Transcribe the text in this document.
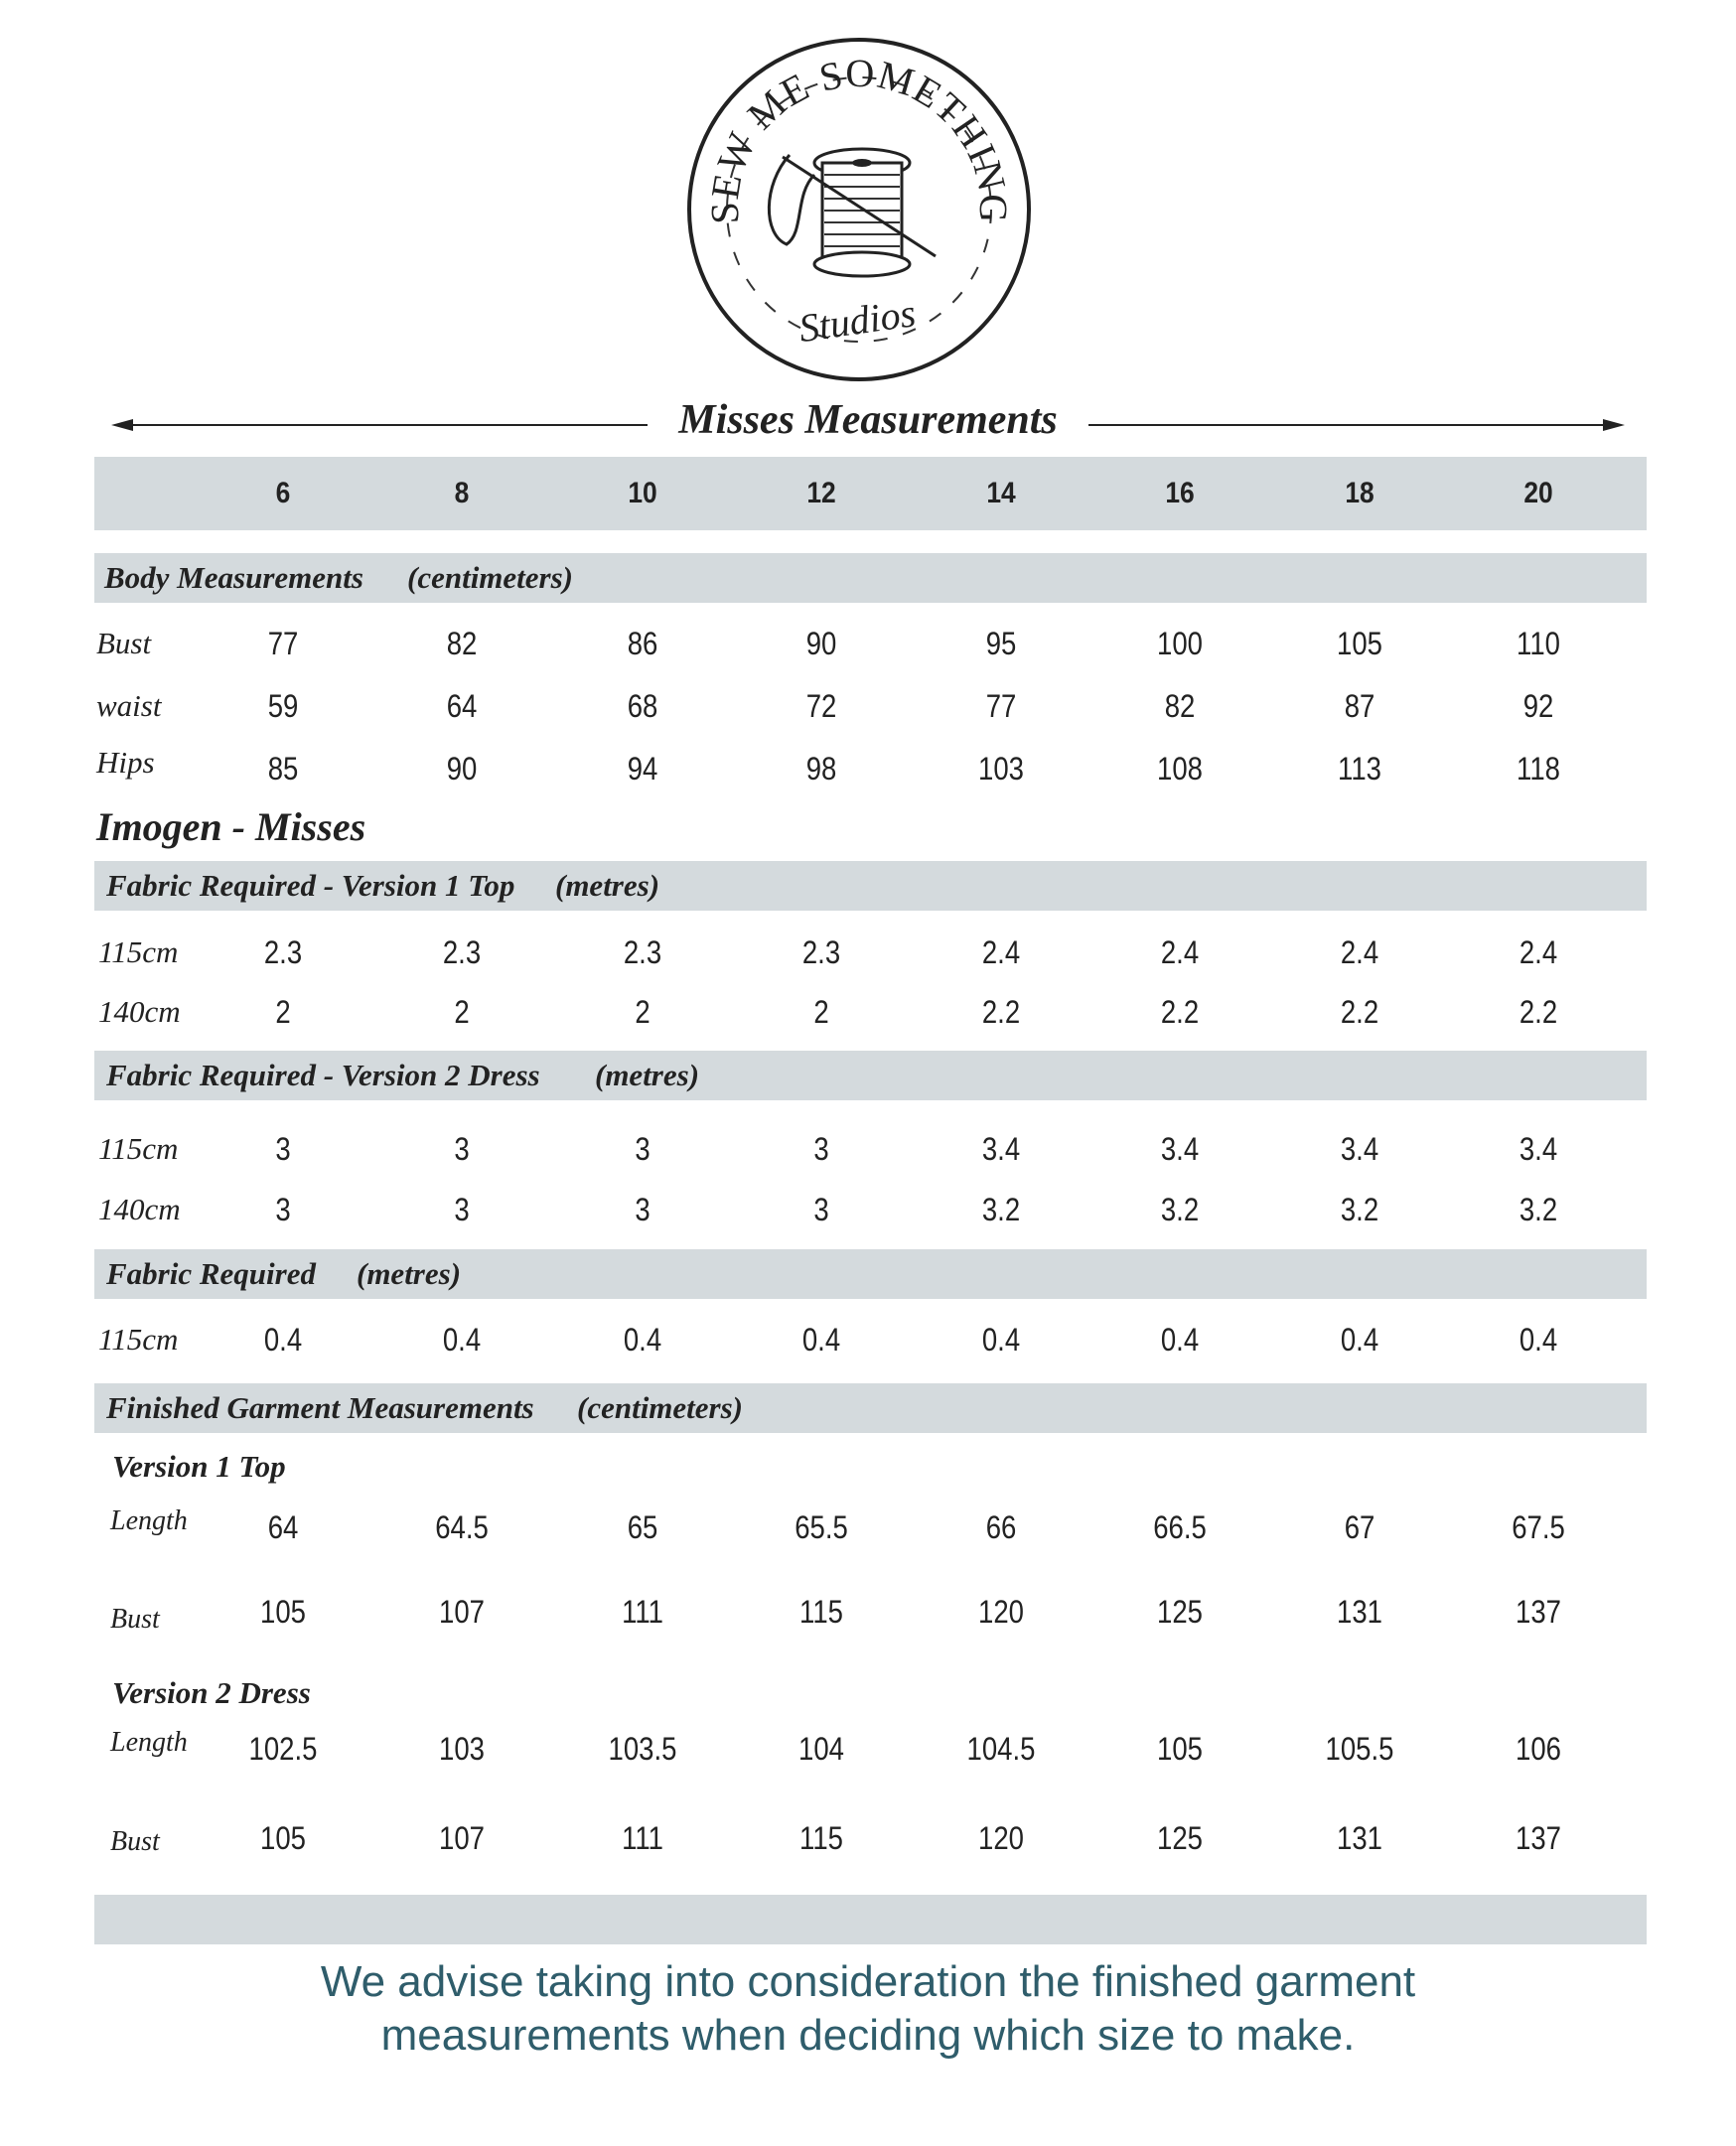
SEW ME SOMETHING
Studios
Misses Measurements
6	8	10	12	14	16	18	20
Body Measurements (centimeters)
Bust	77	82	86	90	95	100	105	110
waist	59	64	68	72	77	82	87	92
Hips	85	90	94	98	103	108	113	118
Imogen - Misses
Fabric Required - Version 1 Top (metres)
115cm	2.3	2.3	2.3	2.3	2.4	2.4	2.4	2.4
140cm	2	2	2	2	2.2	2.2	2.2	2.2
Fabric Required - Version 2 Dress (metres)
115cm	3	3	3	3	3.4	3.4	3.4	3.4
140cm	3	3	3	3	3.2	3.2	3.2	3.2
Fabric Required (metres)
115cm	0.4	0.4	0.4	0.4	0.4	0.4	0.4	0.4
Finished Garment Measurements (centimeters)
Version 1 Top
Length	64	64.5	65	65.5	66	66.5	67	67.5
Bust	105	107	111	115	120	125	131	137
Version 2 Dress
Length	102.5	103	103.5	104	104.5	105	105.5	106
Bust	105	107	111	115	120	125	131	137
We advise taking into consideration the finished garment
measurements when deciding which size to make.
